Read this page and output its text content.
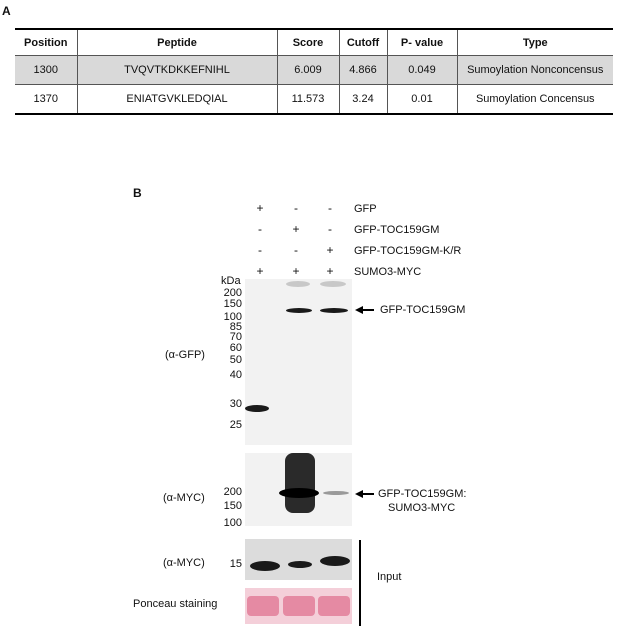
A
Position	Peptide	Score	Cutoff	P- value	Type
1300	TVQVTKDKKEFNIHL	6.009	4.866	0.049	Sumoylation Nonconcensus
1370	ENIATGVKLEDQIAL	11.573	3.24	0.01	Sumoylation Concensus
B
+	-	-	GFP
-	+	-	GFP-TOC159GM
-	-	+ GFP-TOC159GM-K/R
+ + + SUMO3-MYC
kDa
200
150
100
85
70
60
50
40
30
25
(α-GFP)
GFP-TOC159GM
200
150
100
(α-MYC)	GFP-TOC159GM:
SUMO3-MYC
(α-MYC)	15
Ponceau staining
Input
